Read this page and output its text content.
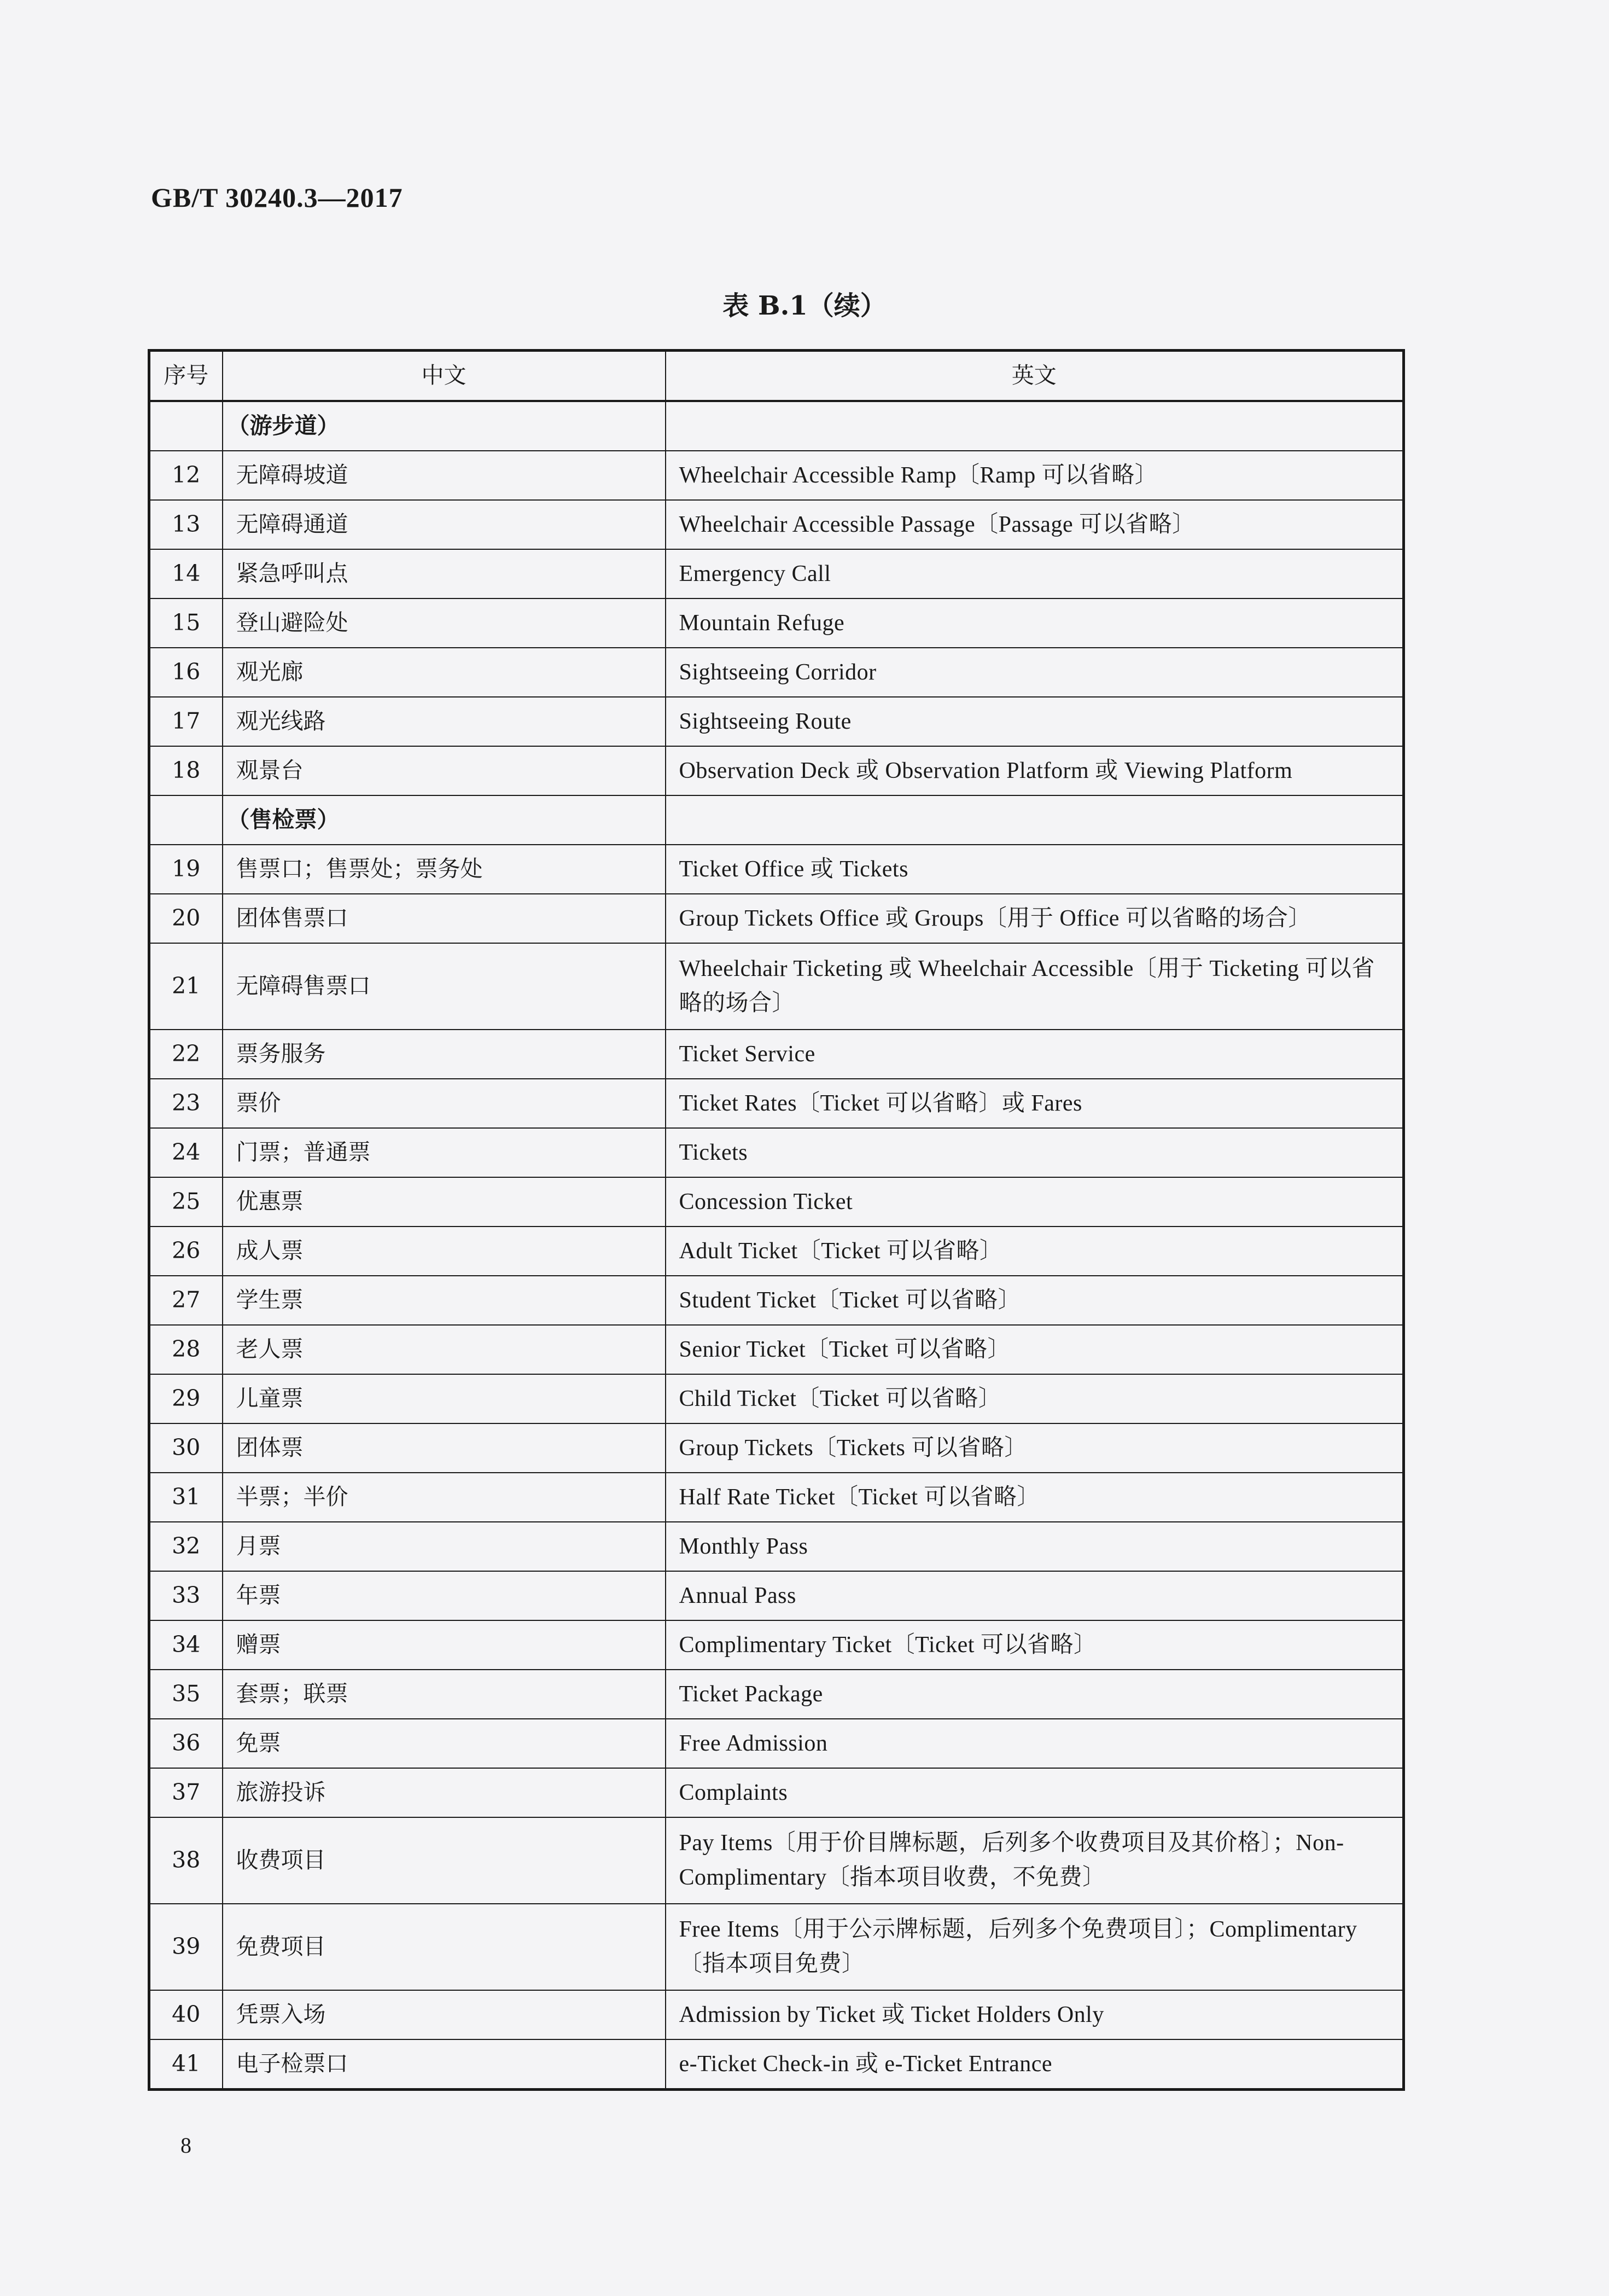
GB/T 30240.3—2017
表 B.1（续）
序号	中文	英文
	（游步道）	
12	无障碍坡道	Wheelchair Accessible Ramp〔Ramp 可以省略〕
13	无障碍通道	Wheelchair Accessible Passage〔Passage 可以省略〕
14	紧急呼叫点	Emergency Call
15	登山避险处	Mountain Refuge
16	观光廊	Sightseeing Corridor
17	观光线路	Sightseeing Route
18	观景台	Observation Deck 或 Observation Platform 或 Viewing Platform
	（售检票）	
19	售票口；售票处；票务处	Ticket Office 或 Tickets
20	团体售票口	Group Tickets Office 或 Groups〔用于 Office 可以省略的场合〕
21	无障碍售票口	Wheelchair Ticketing 或 Wheelchair Accessible〔用于 Ticketing 可以省略的场合〕
22	票务服务	Ticket Service
23	票价	Ticket Rates〔Ticket 可以省略〕或 Fares
24	门票；普通票	Tickets
25	优惠票	Concession Ticket
26	成人票	Adult Ticket〔Ticket 可以省略〕
27	学生票	Student Ticket〔Ticket 可以省略〕
28	老人票	Senior Ticket〔Ticket 可以省略〕
29	儿童票	Child Ticket〔Ticket 可以省略〕
30	团体票	Group Tickets〔Tickets 可以省略〕
31	半票；半价	Half Rate Ticket〔Ticket 可以省略〕
32	月票	Monthly Pass
33	年票	Annual Pass
34	赠票	Complimentary Ticket〔Ticket 可以省略〕
35	套票；联票	Ticket Package
36	免票	Free Admission
37	旅游投诉	Complaints
38	收费项目	Pay Items〔用于价目牌标题，后列多个收费项目及其价格〕；Non-Complimentary〔指本项目收费，不免费〕
39	免费项目	Free Items〔用于公示牌标题，后列多个免费项目〕；Complimentary〔指本项目免费〕
40	凭票入场	Admission by Ticket 或 Ticket Holders Only
41	电子检票口	e-Ticket Check-in 或 e-Ticket Entrance
8
